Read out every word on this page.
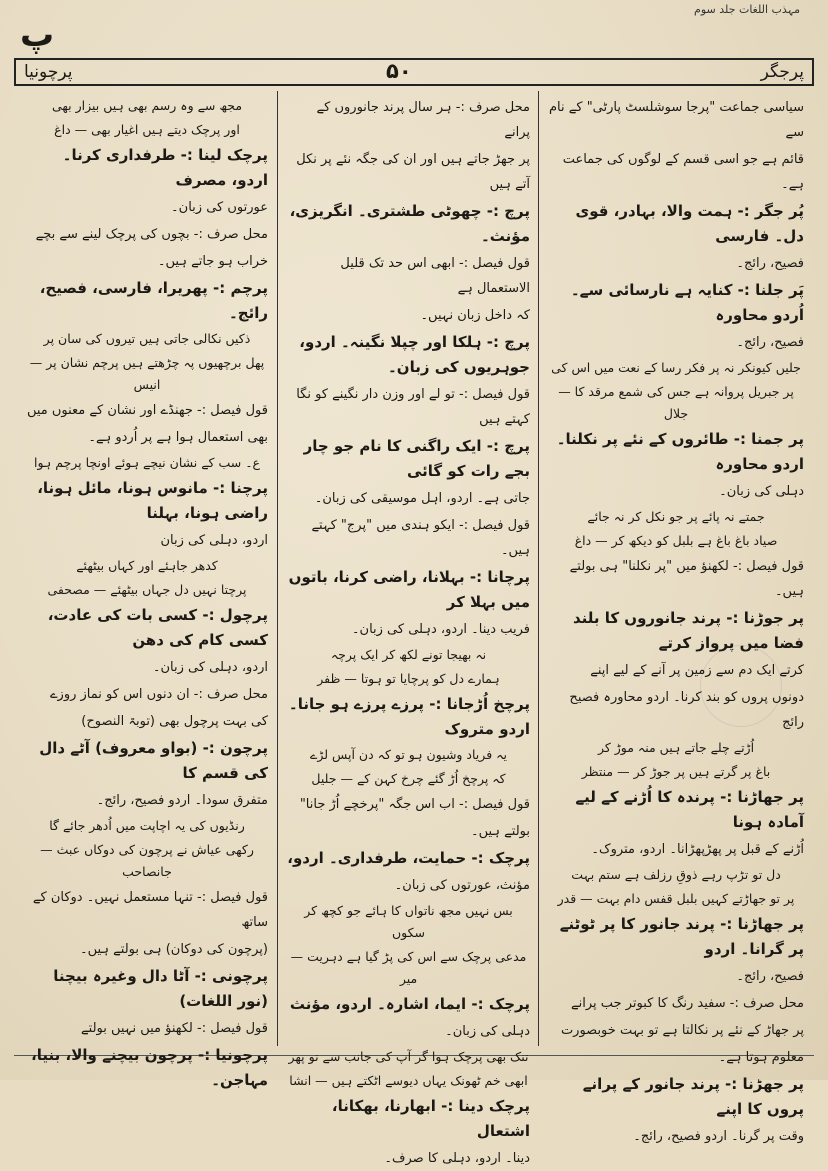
مہذب اللغات جلد سوم
پ
پرچونیا	۵۰	پرجگر
سیاسی جماعت "پرجا سوشلسٹ پارٹی" کے نام سے
قائم ہے جو اسی قسم کے لوگوں کی جماعت ہے۔
پُر جگر :- ہمت والا، بہادر، قوی دل۔ فارسی
فصیح، رائج۔
پَر جلنا :- کنایہ ہے نارسائی سے۔ اُردو محاورہ
فصیح، رائج۔
جلیں کیونکر نہ پر فکر رسا کے نعت میں اس کی
پر جبریل پروانہ ہے جس کی شمع مرقد کا — جلال
پر جمنا :- طائروں کے نئے پر نکلنا۔ اردو محاورہ
دہلی کی زبان۔
جمتے نہ پائے پر جو نکل کر نہ جائے
صیاد باغ باغ ہے بلبل کو دیکھ کر — داغ
قول فیصل :- لکھنؤ میں "پر نکلنا" ہی بولتے ہیں۔
پر جوڑنا :- پرند جانوروں کا بلند فضا میں پرواز کرتے
کرتے ایک دم سے زمین پر آنے کے لیے اپنے
دونوں پروں کو بند کرنا۔ اردو محاورہ فصیح رائج
اُڑتے چلے جاتے ہیں منہ موڑ کر
باغ پر گرتے ہیں پر جوڑ کر — منتظر
پر جھاڑنا :- پرندہ کا اُڑنے کے لیے آمادہ ہونا
اُڑنے کے قبل پر پھڑپھڑانا۔ اردو، متروک۔
دل تو تڑپ رہے ذوقِ رزلف ہے ستم بہت
پر تو جھاڑتے کہیں بلبل قفس دام بہت — قدر
پر جھاڑنا :- پرند جانور کا پر ٹوٹنے پر گرانا۔ اردو
فصیح، رائج۔
محل صرف :- سفید رنگ کا کبوتر جب پرانے
پر جھاڑ کے نئے پر نکالتا ہے تو بہت خوبصورت
معلوم ہوتا ہے۔
پر جھڑنا :- پرند جانور کے پرانے پروں کا اپنے
وقت پر گرنا۔ اردو فصیح، رائج۔
محل صرف :- ہر سال پرند جانوروں کے پرانے
پر جھڑ جاتے ہیں اور ان کی جگہ نئے پر نکل آتے ہیں
پرچ :- چھوٹی طشتری۔ انگریزی، مؤنث۔
قول فیصل :- ابھی اس حد تک قلیل الاستعمال ہے
کہ داخل زبان نہیں۔
پرچ :- ہلکا اور چپلا نگینہ۔ اردو، جوہریوں کی زبان۔
قول فیصل :- تو لے اور وزن دار نگینے کو نگا کہتے ہیں
پرچ :- ایک راگنی کا نام جو چار بجے رات کو گائی
جاتی ہے۔ اردو، اہل موسیقی کی زبان۔
قول فیصل :- ایکو ہندی میں "پرج" کہتے ہیں۔
پرچانا :- بہلانا، راضی کرنا، باتوں میں بہلا کر
فریب دینا۔ اردو، دہلی کی زبان۔
نہ بھیجا تونے لکھ کر ایک پرچہ
ہمارے دل کو پرچایا تو ہوتا — ظفر
پرچخ اُڑجانا :- پرزے پرزے ہو جانا۔ اردو متروک
یہ فریاد وشیون ہو تو کہ دن آپس لڑے
کہ پرچخ اُڑ گئے چرخ کہن کے — جلیل
قول فیصل :- اب اس جگہ "پرخچے اُڑ جانا"
بولتے ہیں۔
پرچک :- حمایت، طرفداری۔ اردو،
مؤنث، عورتوں کی زبان۔
بس نہیں مجھ ناتواں کا ہائے جو کچھ کر سکوں
مدعی پرچک سے اس کی پڑ گیا ہے دہریت — میر
پرچک :- ایما، اشارہ۔ اردو، مؤنث
دہلی کی زبان۔
تنک بھی پرچک ہوا گر آپ کی جانب سے تو پھر
ابھی خم ٹھونک یہاں دیوسے اٹکتے ہیں — انشا
پرچک دینا :- ابھارنا، بھکانا، اشتعال
دینا۔ اردو، دہلی کا صرف۔
مجھ سے وہ رسم بھی ہیں بیزار بھی
اور پرچک دیتے ہیں اغیار بھی — داغ
پرچک لینا :- طرفداری کرنا۔ اردو، مصرف
عورتوں کی زبان۔
محل صرف :- بچوں کی پرچک لینے سے بچے
خراب ہو جاتے ہیں۔
پرچم :- پھریرا، فارسی، فصیح، رائج۔
ذکیں نکالی جاتی ہیں تیروں کی سان پر
پھل برچھیوں پہ چڑھتے ہیں پرچم نشان پر — انیس
قول فیصل :- جھنڈے اور نشان کے معنوں میں
بھی استعمال ہوا ہے پر اُردو ہے۔
ع۔ سب کے نشان نیچے ہوئے اونچا پرچم ہوا
پرچنا :- مانوس ہونا، مائل ہونا، راضی ہونا، بہلنا
اردو، دہلی کی زبان
کدھر جاہئے اور کہاں بیٹھئے
پرچتا نہیں دل جہاں بیٹھئے — مصحفی
پرچول :- کسی بات کی عادت، کسی کام کی دھن
اردو، دہلی کی زبان۔
محل صرف :- ان دنوں اس کو نماز روزے
کی بہت پرچول بھی (توبۃ النصوح)
پرچون :- (بواو معروف) آٹے دال کی قسم کا
متفرق سودا۔ اردو فصیح، رائج۔
رنڈیوں کی یہ اچاپت میں اُدھر جائے گا
رکھی عیاش نے پرچون کی دوکاں عبث — جانصاحب
قول فیصل :- تنہا مستعمل نہیں۔ دوکان کے ساتھ
(پرچون کی دوکان) ہی بولتے ہیں۔
پرچونی :- آٹا دال وغیرہ بیچنا (نور اللغات)
قول فیصل :- لکھنؤ میں نہیں بولتے
پرچونیا :- پرچون بیچنے والا، بنیا، مہاجن۔
